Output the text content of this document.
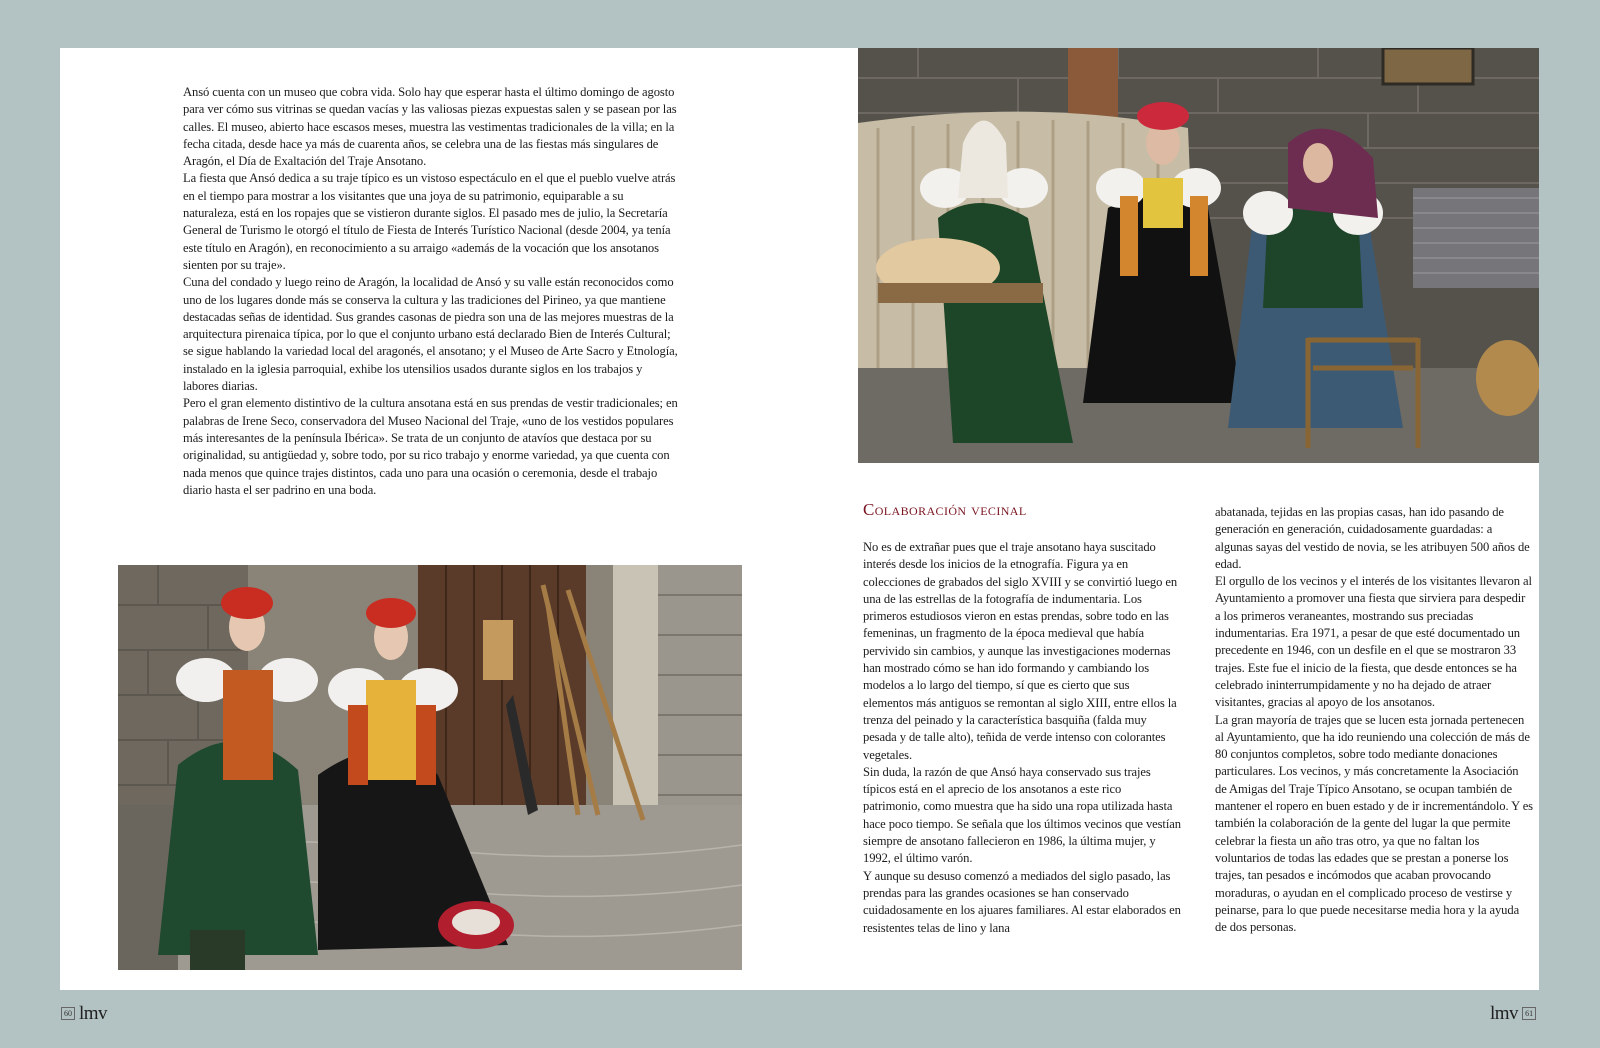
Ansó cuenta con un museo que cobra vida. Solo hay que esperar hasta el último domingo de agosto para ver cómo sus vitrinas se quedan vacías y las valiosas piezas expuestas salen y se pasean por las calles. El museo, abierto hace escasos meses, muestra las vestimentas tradicionales de la villa; en la fecha citada, desde hace ya más de cuarenta años, se celebra una de las fiestas más singulares de Aragón, el Día de Exaltación del Traje Ansotano.

La fiesta que Ansó dedica a su traje típico es un vistoso espectáculo en el que el pueblo vuelve atrás en el tiempo para mostrar a los visitantes que una joya de su patrimonio, equiparable a su naturaleza, está en los ropajes que se vistieron durante siglos. El pasado mes de julio, la Secretaría General de Turismo le otorgó el título de Fiesta de Interés Turístico Nacional (desde 2004, ya tenía este título en Aragón), en reconocimiento a su arraigo «además de la vocación que los ansotanos sienten por su traje».

Cuna del condado y luego reino de Aragón, la localidad de Ansó y su valle están reconocidos como uno de los lugares donde más se conserva la cultura y las tradiciones del Pirineo, ya que mantiene destacadas señas de identidad. Sus grandes casonas de piedra son una de las mejores muestras de la arquitectura pirenaica típica, por lo que el conjunto urbano está declarado Bien de Interés Cultural; se sigue hablando la variedad local del aragonés, el ansotano; y el Museo de Arte Sacro y Etnología, instalado en la iglesia parroquial, exhibe los utensilios usados durante siglos en los trabajos y labores diarias.

Pero el gran elemento distintivo de la cultura ansotana está en sus prendas de vestir tradicionales; en palabras de Irene Seco, conservadora del Museo Nacional del Traje, «uno de los vestidos populares más interesantes de la península Ibérica». Se trata de un conjunto de atavíos que destaca por su originalidad, su antigüedad y, sobre todo, por su rico trabajo y enorme variedad, ya que cuenta con nada menos que quince trajes distintos, cada uno para una ocasión o ceremonia, desde el trabajo diario hasta el ser padrino en una boda.

Colaboración vecinal

No es de extrañar pues que el traje ansotano haya suscitado interés desde los inicios de la etnografía. Figura ya en colecciones de grabados del siglo XVIII y se convirtió luego en una de las estrellas de la fotografía de indumentaria. Los primeros estudiosos vieron en estas prendas, sobre todo en las femeninas, un fragmento de la época medieval que había pervivido sin cambios, y aunque las investigaciones modernas han mostrado cómo se han ido formando y cambiando los modelos a lo largo del tiempo, sí que es cierto que sus elementos más antiguos se remontan al siglo XIII, entre ellos la trenza del peinado y la característica basquiña (falda muy pesada y de talle alto), teñida de verde intenso con colorantes vegetales.

Sin duda, la razón de que Ansó haya conservado sus trajes típicos está en el aprecio de los ansotanos a este rico patrimonio, como muestra que ha sido una ropa utilizada hasta hace poco tiempo. Se señala que los últimos vecinos que vestían siempre de ansotano fallecieron en 1986, la última mujer, y 1992, el último varón.

Y aunque su desuso comenzó a mediados del siglo pasado, las prendas para las grandes ocasiones se han conservado cuidadosamente en los ajuares familiares. Al estar elaborados en resistentes telas de lino y lana

abatanada, tejidas en las propias casas, han ido pasando de generación en generación, cuidadosamente guardadas: a algunas sayas del vestido de novia, se les atribuyen 500 años de edad.

El orgullo de los vecinos y el interés de los visitantes llevaron al Ayuntamiento a promover una fiesta que sirviera para despedir a los primeros veraneantes, mostrando sus preciadas indumentarias. Era 1971, a pesar de que esté documentado un precedente en 1946, con un desfile en el que se mostraron 33 trajes. Este fue el inicio de la fiesta, que desde entonces se ha celebrado ininterrumpidamente y no ha dejado de atraer visitantes, gracias al apoyo de los ansotanos.

La gran mayoría de trajes que se lucen esta jornada pertenecen al Ayuntamiento, que ha ido reuniendo una colección de más de 80 conjuntos completos, sobre todo mediante donaciones particulares. Los vecinos, y más concretamente la Asociación de Amigas del Traje Típico Ansotano, se ocupan también de mantener el ropero en buen estado y de ir incrementándolo. Y es también la colaboración de la gente del lugar la que permite celebrar la fiesta un año tras otro, ya que no faltan los voluntarios de todas las edades que se prestan a ponerse los trajes, tan pesados e incómodos que acaban provocando moraduras, o ayudan en el complicado proceso de vestirse y peinarse, para lo que puede necesitarse media hora y la ayuda de dos personas.

60 lmv	lmv 61
